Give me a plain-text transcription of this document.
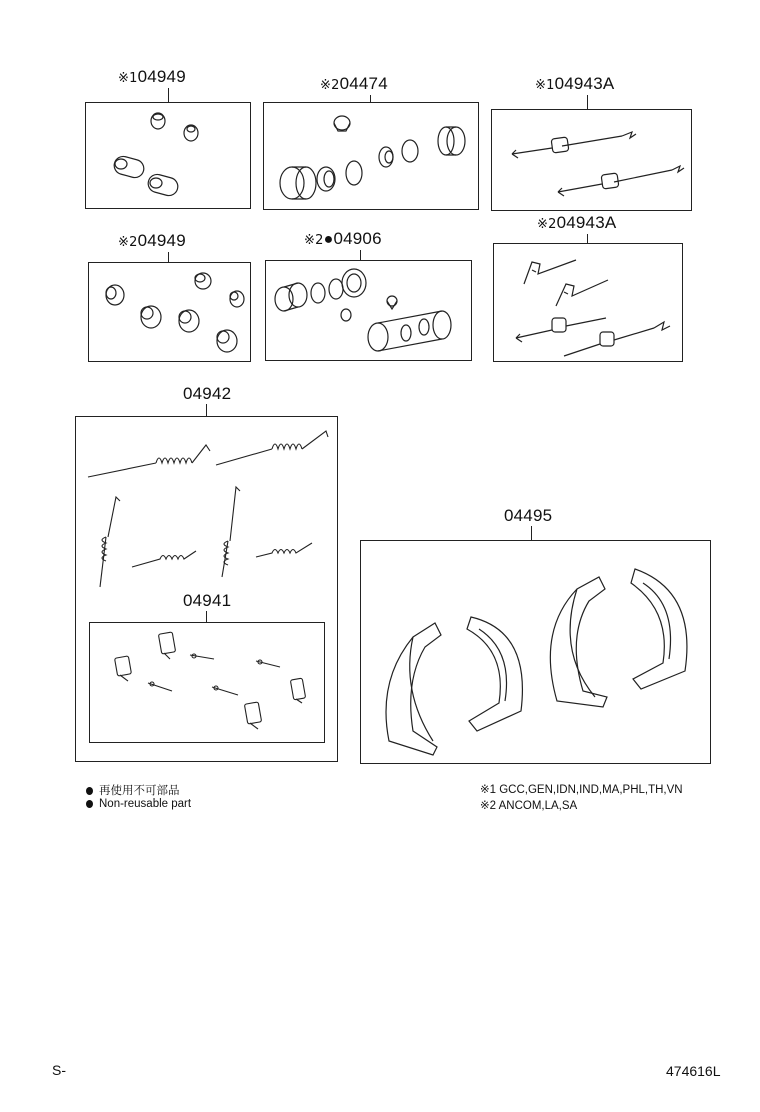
※104949	※204474	※104943A
※204949	※2●04906
※204943A
04942
04941
04495
再使用不可部品
Non-reusable part
※1 GCC,GEN,IDN,IND,MA,PHL,TH,VN
※2 ANCOM,LA,SA
S-	474616L
